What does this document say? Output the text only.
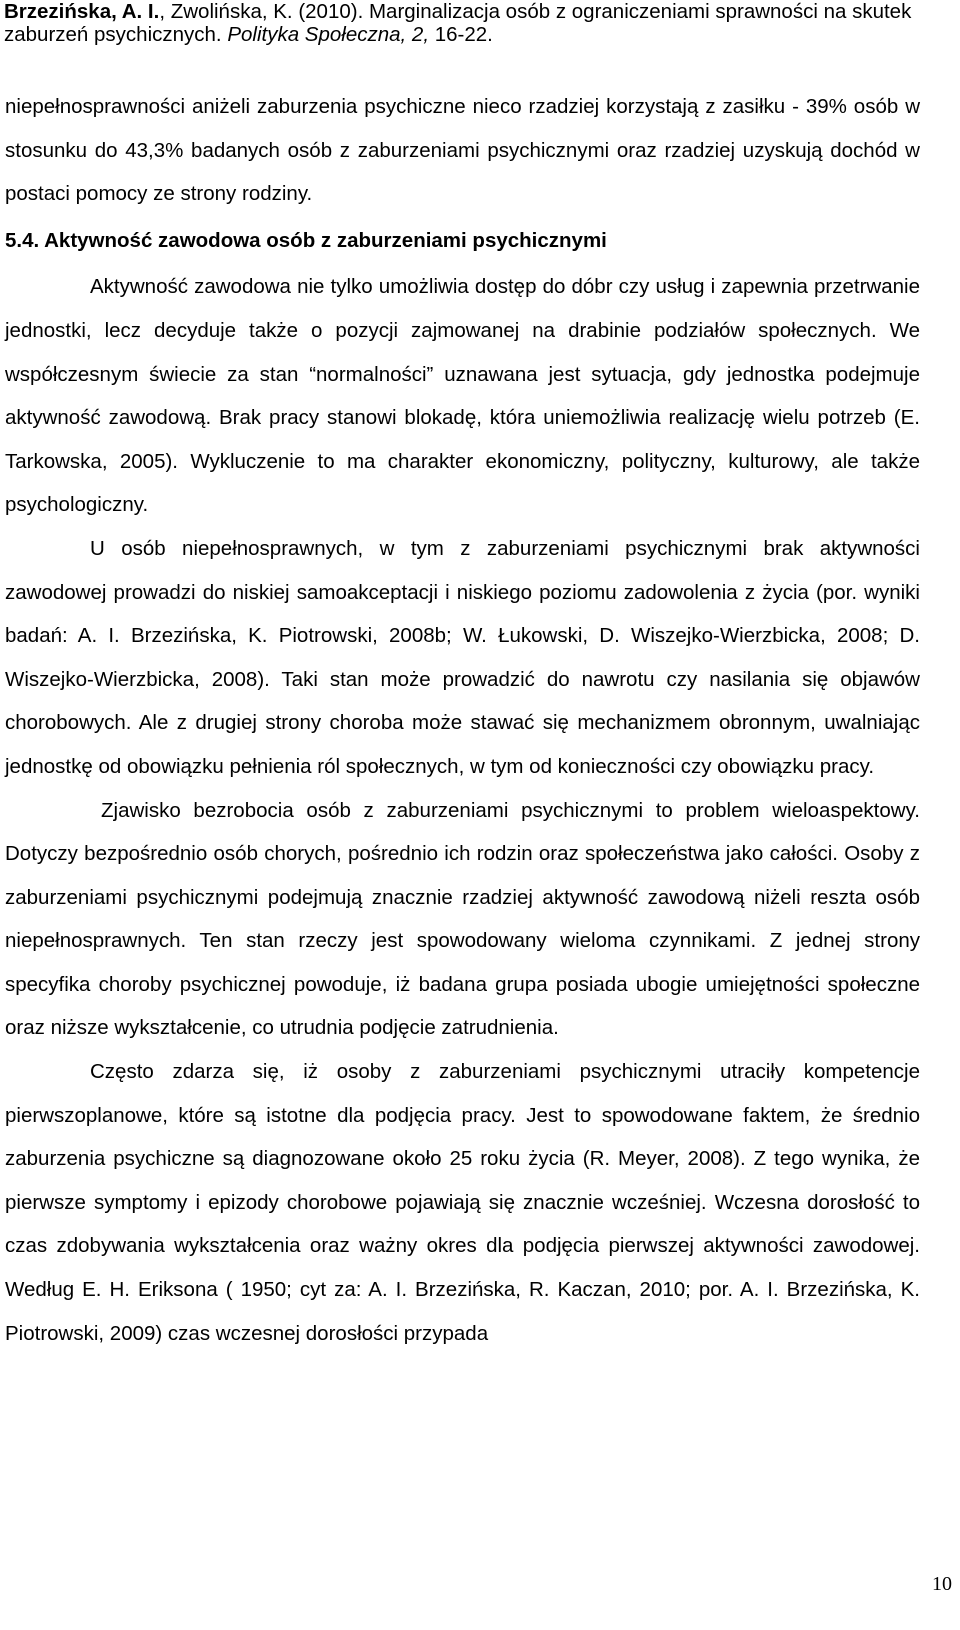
Brzezińska, A. I., Zwolińska, K. (2010). Marginalizacja osób z ograniczeniami sprawności na skutek zaburzeń psychicznych. Polityka Społeczna, 2, 16-22.

niepełnosprawności aniżeli zaburzenia psychiczne nieco rzadziej korzystają z zasiłku - 39% osób w stosunku do 43,3% badanych osób z zaburzeniami psychicznymi oraz rzadziej uzyskują dochód w postaci pomocy ze strony rodziny.

5.4. Aktywność zawodowa osób z zaburzeniami psychicznymi

Aktywność zawodowa nie tylko umożliwia dostęp do dóbr czy usług i zapewnia przetrwanie jednostki, lecz decyduje także o pozycji zajmowanej na drabinie podziałów społecznych. We współczesnym świecie za stan “normalności” uznawana jest sytuacja, gdy jednostka podejmuje aktywność zawodową. Brak pracy stanowi blokadę, która uniemożliwia realizację wielu potrzeb (E. Tarkowska, 2005). Wykluczenie to ma charakter ekonomiczny, polityczny, kulturowy, ale także psychologiczny.

U osób niepełnosprawnych, w tym z zaburzeniami psychicznymi brak aktywności zawodowej prowadzi do niskiej samoakceptacji i niskiego poziomu zadowolenia z życia (por. wyniki badań: A. I. Brzezińska, K. Piotrowski, 2008b; W. Łukowski, D. Wiszejko-Wierzbicka, 2008; D. Wiszejko-Wierzbicka, 2008). Taki stan może prowadzić do nawrotu czy nasilania się objawów chorobowych. Ale z drugiej strony choroba może stawać się mechanizmem obronnym, uwalniając jednostkę od obowiązku pełnienia ról społecznych, w tym od konieczności czy obowiązku pracy.

Zjawisko bezrobocia osób z zaburzeniami psychicznymi to problem wieloaspektowy. Dotyczy bezpośrednio osób chorych, pośrednio ich rodzin oraz społeczeństwa jako całości. Osoby z zaburzeniami psychicznymi podejmują znacznie rzadziej aktywność zawodową niżeli reszta osób niepełnosprawnych. Ten stan rzeczy jest spowodowany wieloma czynnikami. Z jednej strony specyfika choroby psychicznej powoduje, iż badana grupa posiada ubogie umiejętności społeczne oraz niższe wykształcenie, co utrudnia podjęcie zatrudnienia.

Często zdarza się, iż osoby z zaburzeniami psychicznymi utraciły kompetencje pierwszoplanowe, które są istotne dla podjęcia pracy. Jest to spowodowane faktem, że średnio zaburzenia psychiczne są diagnozowane około 25 roku życia (R. Meyer, 2008). Z tego wynika, że pierwsze symptomy i epizody chorobowe pojawiają się znacznie wcześniej. Wczesna dorosłość to czas zdobywania wykształcenia oraz ważny okres dla podjęcia pierwszej aktywności zawodowej. Według E. H. Eriksona ( 1950; cyt za: A. I. Brzezińska, R. Kaczan, 2010; por. A. I. Brzezińska, K. Piotrowski, 2009) czas wczesnej dorosłości przypada

10
